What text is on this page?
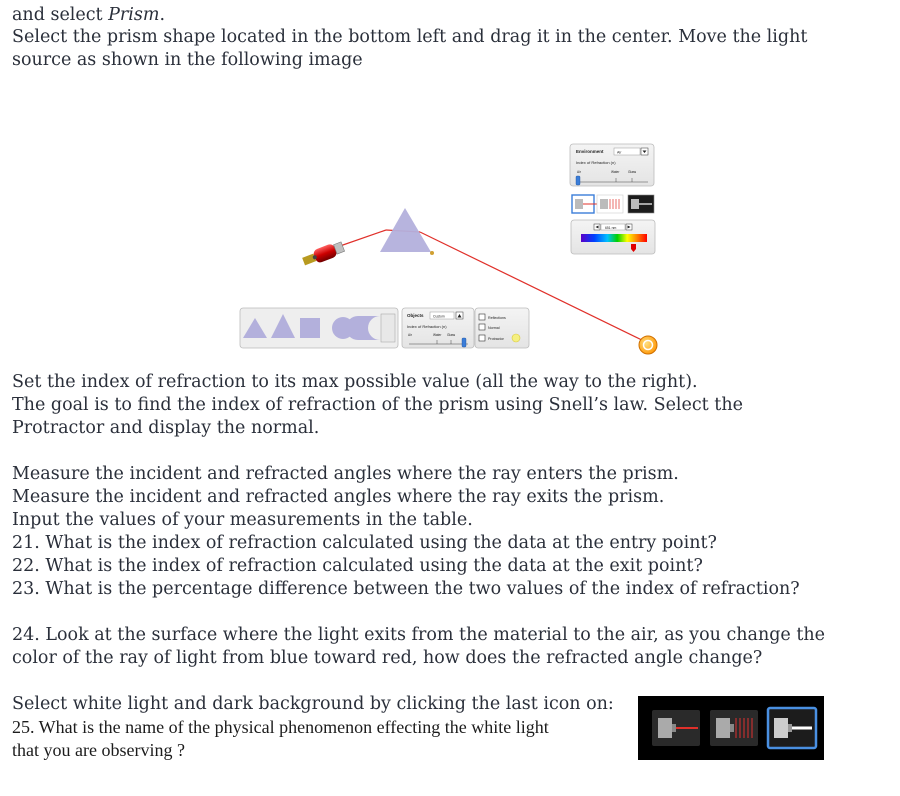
and select Prism.
Select the prism shape located in the bottom left and drag it in the center. Move the light
source as shown in the following image
Set the index of refraction to its max possible value (all the way to the right).
The goal is to find the index of refraction of the prism using Snell’s law. Select the
Protractor and display the normal.
Measure the incident and refracted angles where the ray enters the prism.
Measure the incident and refracted angles where the ray exits the prism.
Input the values of your measurements in the table.
21. What is the index of refraction calculated using the data at the entry point?
22. What is the index of refraction calculated using the data at the exit point?
23. What is the percentage difference between the two values of the index of refraction?
24. Look at the surface where the light exits from the material to the air, as you change the
color of the ray of light from blue toward red, how does the refracted angle change?
Select white light and dark background by clicking the last icon on:
25. What is the name of the physical phenomenon effecting the white light
that you are observing ?
Environment	Air
Index of Refraction (n)
Air	Water	Glass
651 nm
Objects	Custom
Index of Refraction (n)
Air	Water Glass
Reflections
Normal
Protractor
